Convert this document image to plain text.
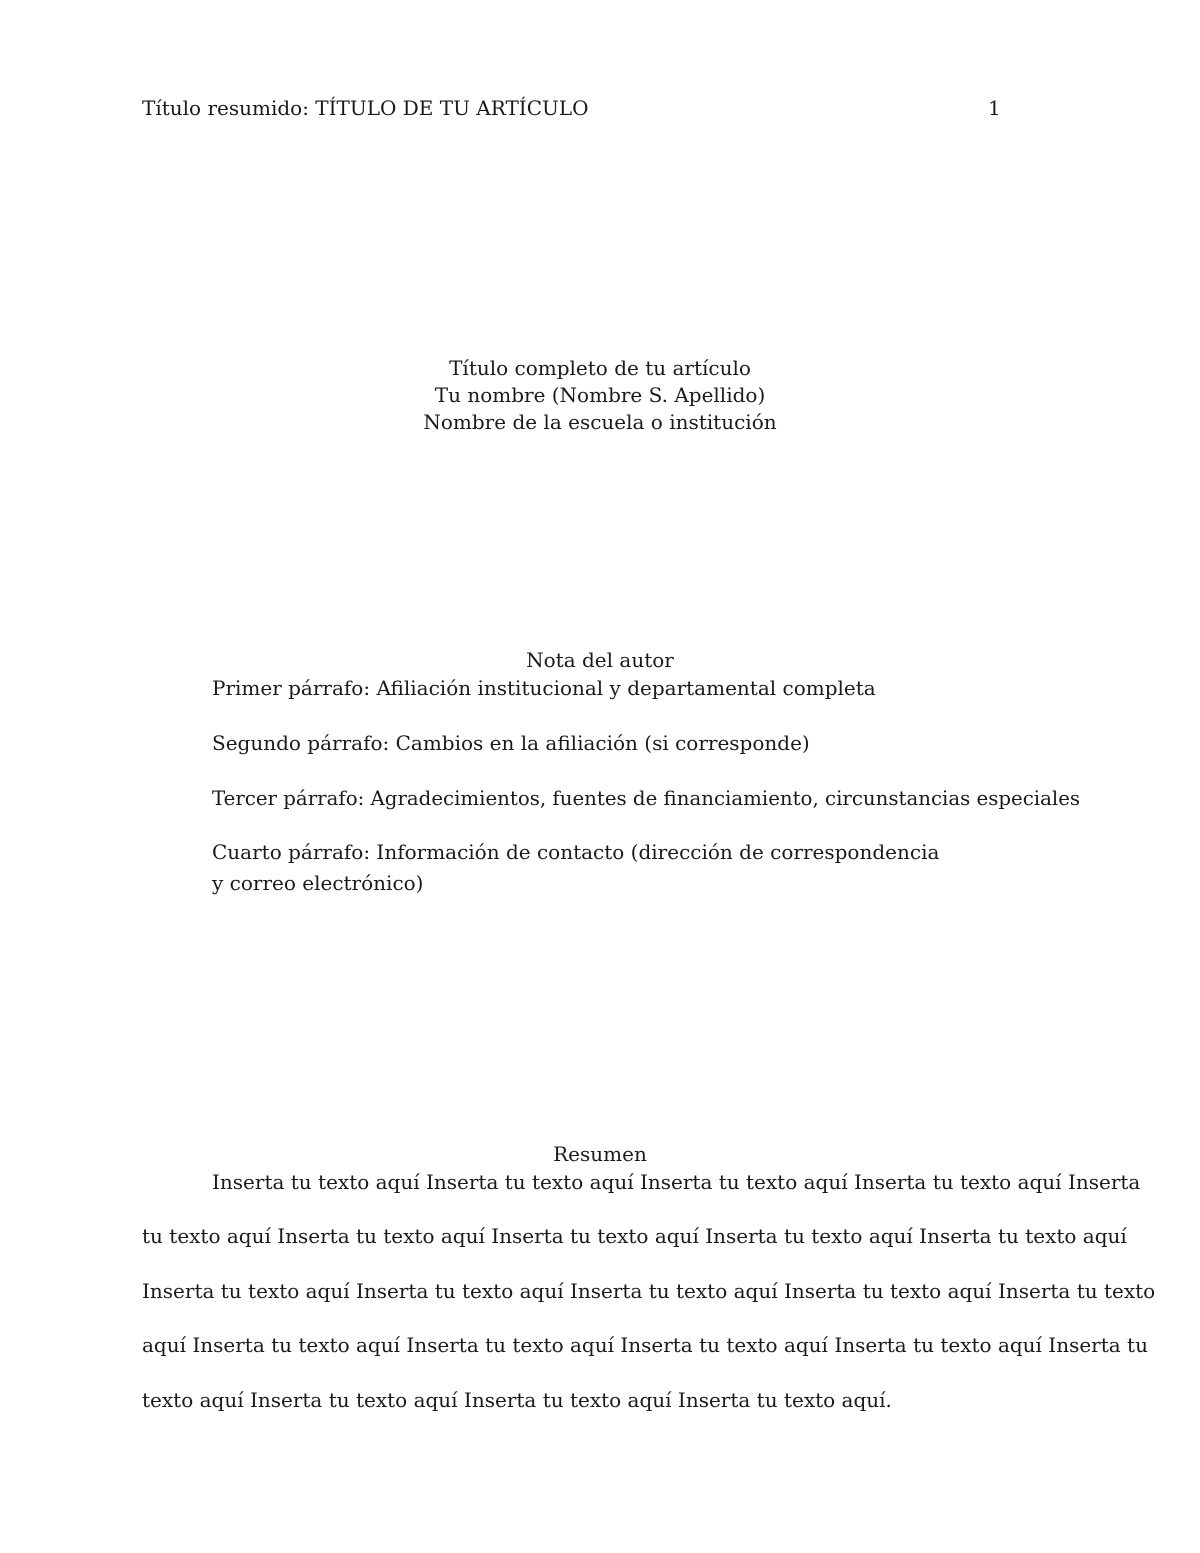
Título resumido: TÍTULO DE TU ARTÍCULO	1
Título completo de tu artículo
Tu nombre (Nombre S. Apellido)
Nombre de la escuela o institución
Nota del autor
Primer párrafo: Afiliación institucional y departamental completa
Segundo párrafo: Cambios en la afiliación (si corresponde)
Tercer párrafo: Agradecimientos, fuentes de financiamiento, circunstancias especiales
Cuarto párrafo: Información de contacto (dirección de correspondencia
y correo electrónico)
Resumen
Inserta tu texto aquí Inserta tu texto aquí Inserta tu texto aquí Inserta tu texto aquí Inserta
tu texto aquí Inserta tu texto aquí Inserta tu texto aquí Inserta tu texto aquí Inserta tu texto aquí
Inserta tu texto aquí Inserta tu texto aquí Inserta tu texto aquí Inserta tu texto aquí Inserta tu texto
aquí Inserta tu texto aquí Inserta tu texto aquí Inserta tu texto aquí Inserta tu texto aquí Inserta tu
texto aquí Inserta tu texto aquí Inserta tu texto aquí Inserta tu texto aquí.
